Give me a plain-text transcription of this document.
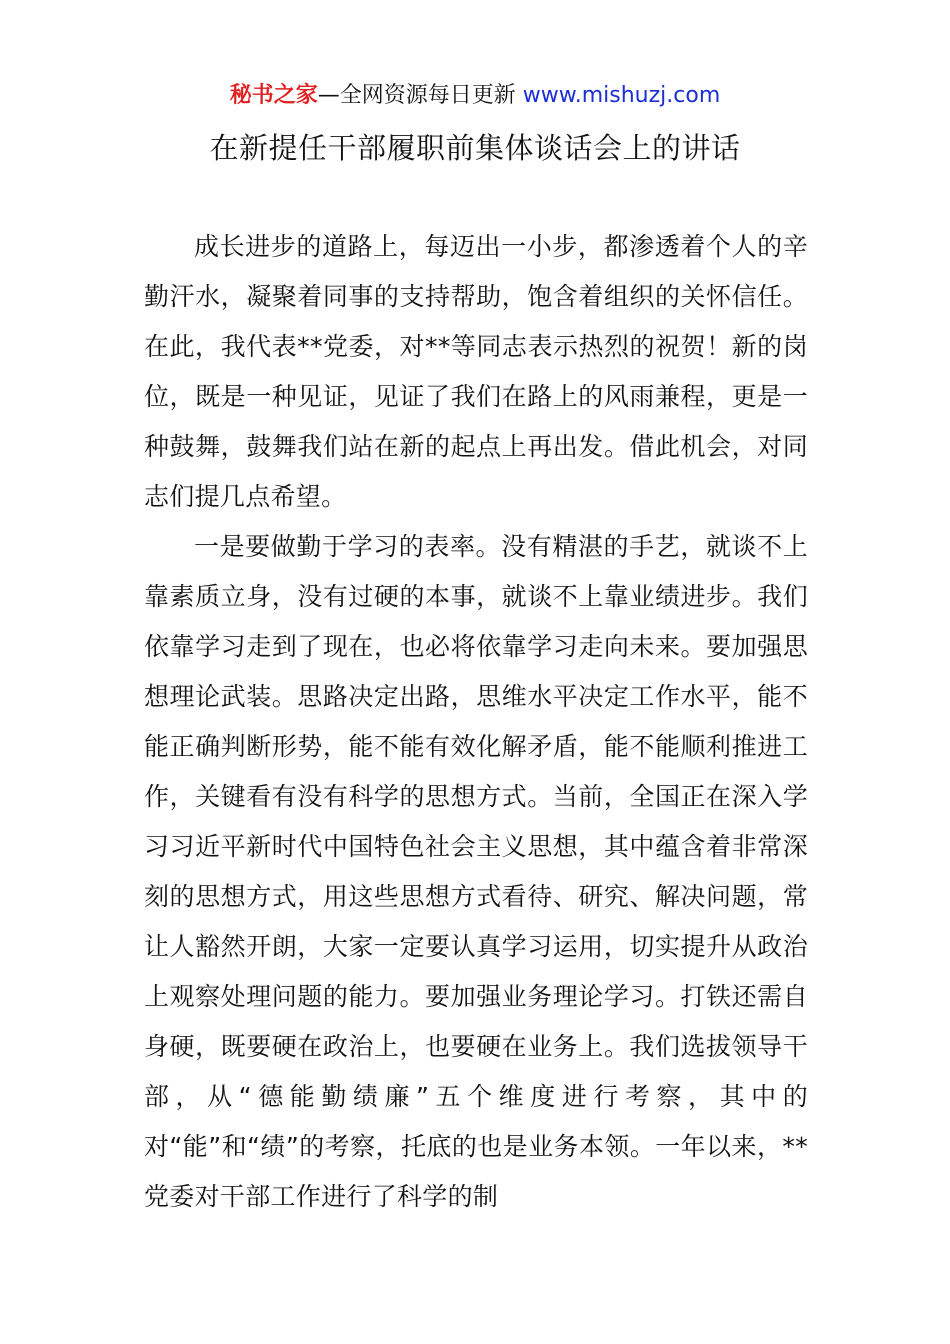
秘书之家—全网资源每日更新 www.mishuzj.com
在新提任干部履职前集体谈话会上的讲话

成长进步的道路上，每迈出一小步，都渗透着个人的辛勤汗水，凝聚着同事的支持帮助，饱含着组织的关怀信任。在此，我代表**党委，对**等同志表示热烈的祝贺！新的岗位，既是一种见证，见证了我们在路上的风雨兼程，更是一种鼓舞，鼓舞我们站在新的起点上再出发。借此机会，对同志们提几点希望。

一是要做勤于学习的表率。没有精湛的手艺，就谈不上靠素质立身，没有过硬的本事，就谈不上靠业绩进步。我们依靠学习走到了现在，也必将依靠学习走向未来。要加强思想理论武装。思路决定出路，思维水平决定工作水平，能不能正确判断形势，能不能有效化解矛盾，能不能顺利推进工作，关键看有没有科学的思想方式。当前，全国正在深入学习习近平新时代中国特色社会主义思想，其中蕴含着非常深刻的思想方式，用这些思想方式看待、研究、解决问题，常让人豁然开朗，大家一定要认真学习运用，切实提升从政治上观察处理问题的能力。要加强业务理论学习。打铁还需自身硬，既要硬在政治上，也要硬在业务上。我们选拔领导干部，从“德能勤绩廉”五个维度进行考察，其中的对“能”和“绩”的考察，托底的也是业务本领。一年以来，**党委对干部工作进行了科学的制
